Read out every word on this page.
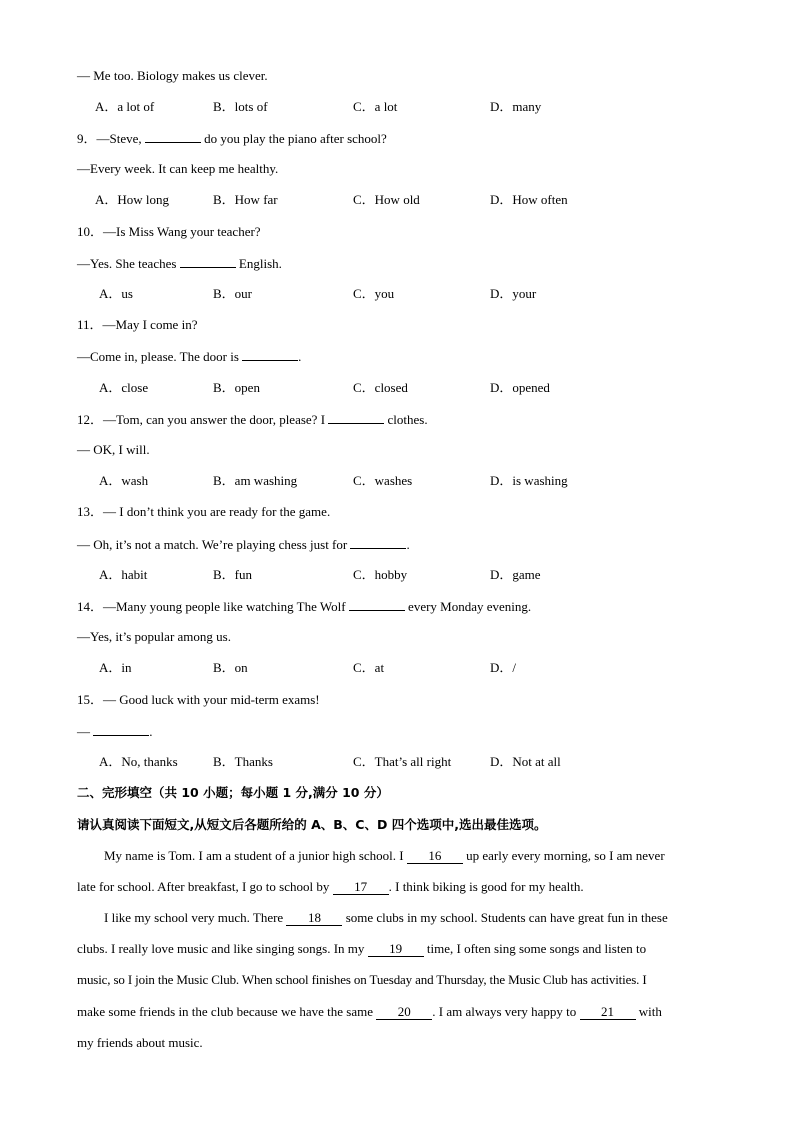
— Me too. Biology makes us clever.
A．a lot of	B．lots of	C．a lot	D．many
9．—Steve,	do you play the piano after school?
—Every week. It can keep me healthy.
A．How long	B．How far	C．How old	D．How often
10．—Is Miss Wang your teacher?
—Yes. She teaches	English.
A．us	B．our	C．you	D．your
11．—May I come in?
—Come in, please. The door is	.
A．close	B．open	C．closed	D．opened
12．—Tom, can you answer the door, please? I	clothes.
— OK, I will.
A．wash	B．am washing	C．washes	D．is washing
13．— I don’t think you are ready for the game.
— Oh, it’s not a match. We’re playing chess just for	.
A．habit	B．fun	C．hobby	D．game
14．—Many young people like watching The Wolf	every Monday evening.
—Yes, it’s popular among us.
A．in	B．on	C．at	D．/
15．— Good luck with your mid-term exams!
—	.
A．No, thanks	B．Thanks	C．That’s all right	D．Not at all
二、完形填空（共 10 小题；每小题 1 分,满分 10 分）
请认真阅读下面短文,从短文后各题所给的 A、B、C、D 四个选项中,选出最佳选项。
My name is Tom. I am a student of a junior high school. I 16 up early every morning, so I am never
late for school. After breakfast, I go to school by 17 . I think biking is good for my health.
I like my school very much. There 18 some clubs in my school. Students can have great fun in these
clubs. I really love music and like singing songs. In my 19 time, I often sing some songs and listen to
music, so I join the Music Club. When school finishes on Tuesday and Thursday, the Music Club has activities. I
make some friends in the club because we have the same 20 . I am always very happy to 21 with
my friends about music.
